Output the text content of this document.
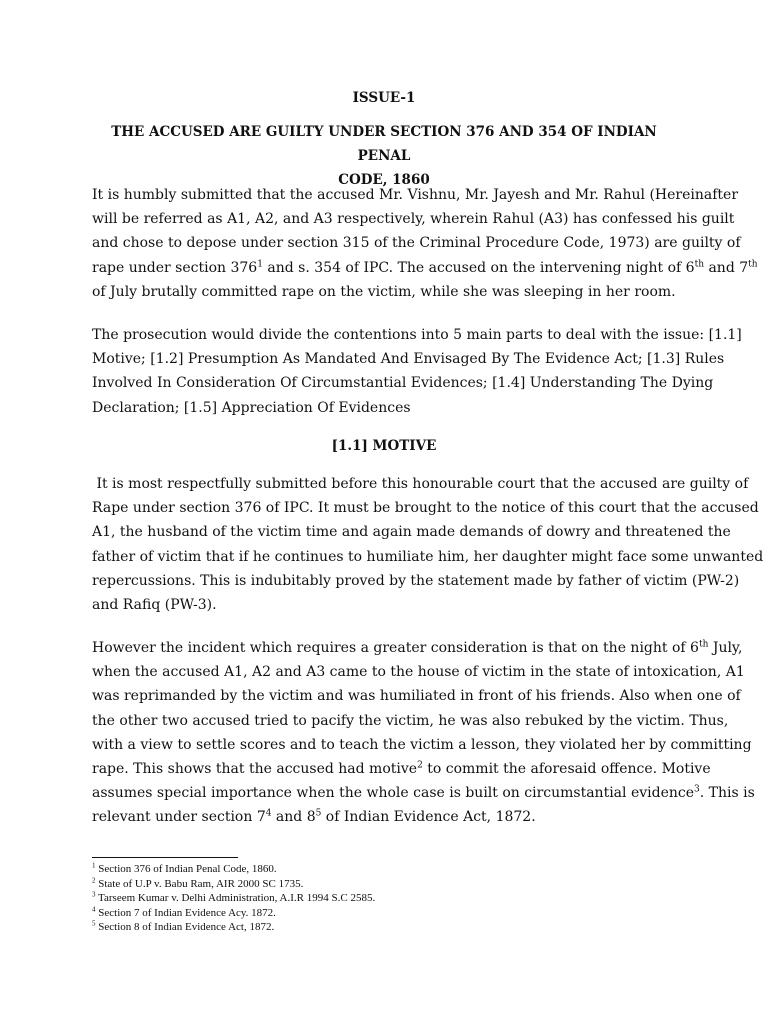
ISSUE-1

THE ACCUSED ARE GUILTY UNDER SECTION 376 AND 354 OF INDIAN PENAL
CODE, 1860

It is humbly submitted that the accused Mr. Vishnu, Mr. Jayesh and Mr. Rahul (Hereinafter
will be referred as A1, A2, and A3 respectively, wherein Rahul (A3) has confessed his guilt
and chose to depose under section 315 of the Criminal Procedure Code, 1973) are guilty of
rape under section $376^1$ and s. 354 of IPC. The accused on the intervening night of 6th and 7th
of July brutally committed rape on the victim, while she was sleeping in her room.
The prosecution would divide the contentions into 5 main parts to deal with the issue: [1.1]
Motive; [1.2] Presumption As Mandated And Envisaged By The Evidence Act; [1.3] Rules
Involved In Consideration Of Circumstantial Evidences; [1.4] Understanding The Dying
Declaration; [1.5] Appreciation Of Evidences

[1.1] MOTIVE

It is most respectfully submitted before this honourable court that the accused are guilty of
Rape under section 376 of IPC. It must be brought to the notice of this court that the accused
A1, the husband of the victim time and again made demands of dowry and threatened the
father of victim that if he continues to humiliate him, her daughter might face some unwanted
repercussions. This is indubitably proved by the statement made by father of victim (PW-2)
and Rafiq (PW-3).
However the incident which requires a greater consideration is that on the night of 6th July,
when the accused A1, A2 and A3 came to the house of victim in the state of intoxication, A1
was reprimanded by the victim and was humiliated in front of his friends. Also when one of
the other two accused tried to pacify the victim, he was also rebuked by the victim. Thus,
with a view to settle scores and to teach the victim a lesson, they violated her by committing
rape. This shows that the accused had motive$^2$ to commit the aforesaid offence. Motive
assumes special importance when the whole case is built on circumstantial evidence$^3$. This is
relevant under section $7^4$ and $8^5$ of Indian Evidence Act, 1872.
$^1$ Section 376 of Indian Penal Code, 1860.
$^2$ State of U.P v. Babu Ram, AIR 2000 SC 1735.
$^3$ Tarseem Kumar v. Delhi Administration, A.I.R 1994 S.C 2585.
$^4$ Section 7 of Indian Evidence Acy. 1872.
$^5$ Section 8 of Indian Evidence Act, 1872.
